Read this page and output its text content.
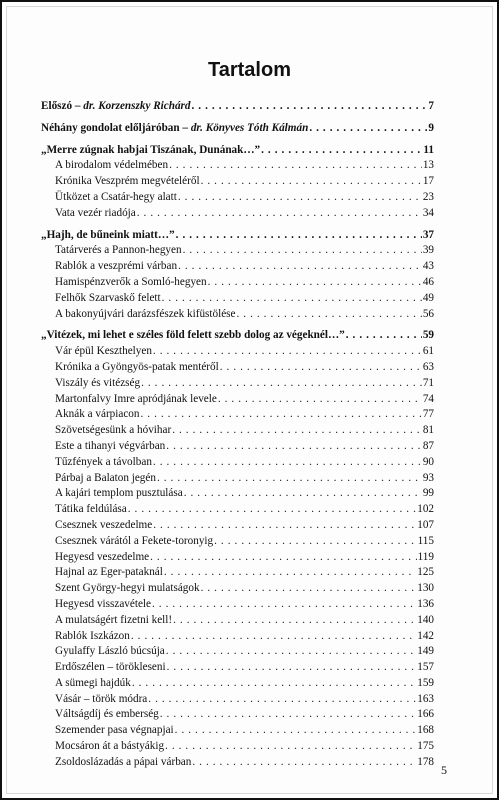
Tartalom
Előszó – dr. Korzenszky Richárd . . .	7
Néhány gondolat előljáróban – dr. Könyves Tóth Kálmán . . .	9
„Merre zúgnak habjai Tiszának, Dunának…” . . .	11
A birodalom védelmében . . .	13
Krónika Veszprém megvételéről . . .	17
Ütközet a Csatár-hegy alatt . . .	23
Vata vezér riadója . . .	34
„Hajh, de bűneink miatt…” . . .	37
Tatárverés a Pannon-hegyen . . .	39
Rablók a veszprémi várban . . .	43
Hamispénzverők a Somló-hegyen . . .	46
Felhők Szarvaskő felett . . .	49
A bakonyújvári darázsfészek kifüstölése . . .	56
„Vitézek, mi lehet e széles föld felett szebb dolog az végeknél…” . . .	59
Vár épül Keszthelyen . . .	61
Krónika a Gyöngyös-patak mentéről . . .	63
Viszály és vitézség . . .	71
Martonfalvy Imre apródjának levele . . .	74
Aknák a várpiacon . . .	77
Szövetségesünk a hóvihar . . .	81
Este a tihanyi végvárban . . .	87
Tűzfények a távolban . . .	90
Párbaj a Balaton jegén . . .	93
A kajári templom pusztulása . . .	99
Tátika feldúlása . . .	102
Csesznek veszedelme . . .	107
Csesznek várától a Fekete-toronyig . . .	115
Hegyesd veszedelme . . .	119
Hajnal az Eger-pataknál . . .	125
Szent György-hegyi mulatságok . . .	130
Hegyesd visszavétele . . .	136
A mulatságért fizetni kell! . . .	140
Rablók Iszkázon . . .	142
Gyulaffy László búcsúja . . .	149
Erdőszélen – törökleseni . . .	157
A sümegi hajdúk . . .	159
Vásár – török módra . . .	163
Váltságdíj és emberség . . .	166
Szemender pasa végnapjai . . .	168
Mocsáron át a bástyákig . . .	175
Zsoldoslázadás a pápai várban . . .	178
5
